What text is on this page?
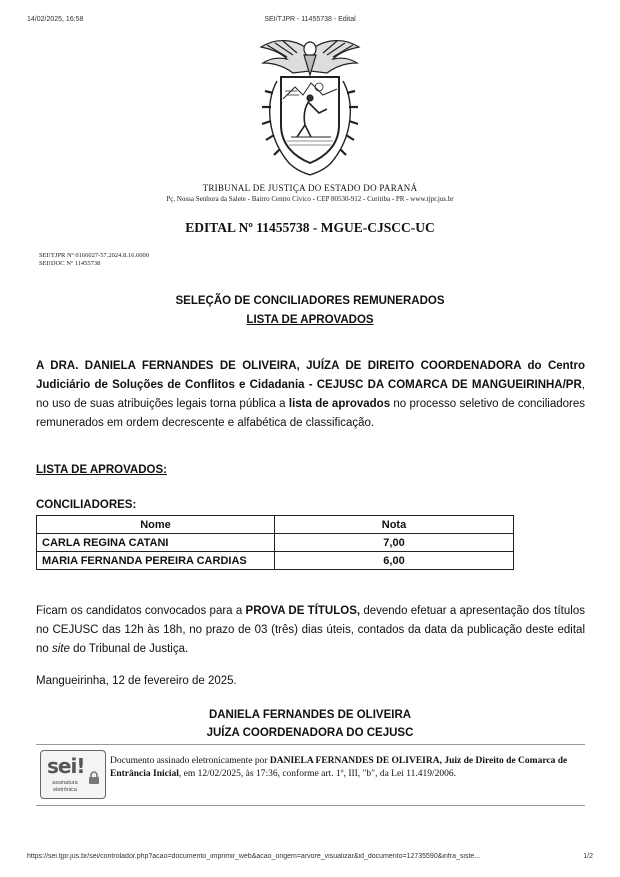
14/02/2025, 16:58	SEI/TJPR - 11455738 - Edital
TRIBUNAL DE JUSTIÇA DO ESTADO DO PARANÁ
Pç. Nossa Senhora da Salete - Bairro Centro Cívico - CEP 80530-912 - Curitiba - PR - www.tjpr.jus.br
EDITAL Nº 11455738 - MGUE-CJSCC-UC
SEI!TJPR Nº 0166027-57.2024.8.16.6000
SEI!DOC Nº 11455738
SELEÇÃO DE CONCILIADORES REMUNERADOS
LISTA DE APROVADOS
A DRA. DANIELA FERNANDES DE OLIVEIRA, JUÍZA DE DIREITO COORDENADORA do Centro Judiciário de Soluções de Conflitos e Cidadania - CEJUSC DA COMARCA DE MANGUEIRINHA/PR, no uso de suas atribuições legais torna pública a lista de aprovados no processo seletivo de conciliadores remunerados em ordem decrescente e alfabética de classificação.
LISTA DE APROVADOS:
CONCILIADORES:
Nome	Nota
CARLA REGINA CATANI	7,00
MARIA FERNANDA PEREIRA CARDIAS	6,00
Ficam os candidatos convocados para a PROVA DE TÍTULOS, devendo efetuar a apresentação dos títulos no CEJUSC das 12h às 18h, no prazo de 03 (três) dias úteis, contados da data da publicação deste edital no site do Tribunal de Justiça.
Mangueirinha, 12 de fevereiro de 2025.
DANIELA FERNANDES DE OLIVEIRA
JUÍZA COORDENADORA DO CEJUSC
sei!
assinatura eletrônica
Documento assinado eletronicamente por DANIELA FERNANDES DE OLIVEIRA, Juiz de Direito de Comarca de Entrância Inicial, em 12/02/2025, às 17:36, conforme art. 1º, III, "b", da Lei 11.419/2006.
https://sei.tjpr.jus.br/sei/controlador.php?acao=documento_imprimir_web&acao_origem=arvore_visualizar&id_documento=12735590&infra_siste...	1/2
